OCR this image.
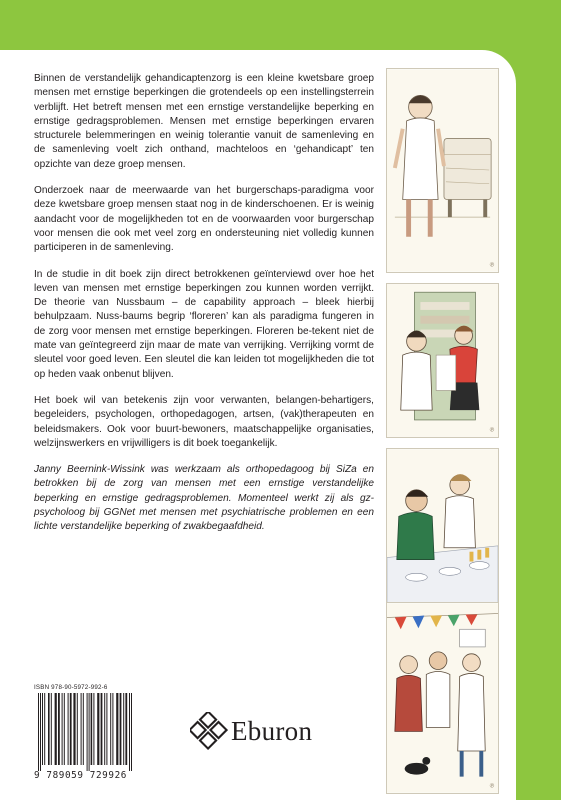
Binnen de verstandelijk gehandicaptenzorg is een kleine kwetsbare groep mensen met ernstige beperkingen die grotendeels op een instellingsterrein verblijft. Het betreft mensen met een ernstige verstandelijke beperking en ernstige gedragsproblemen. Mensen met ernstige beperkingen ervaren structurele belemmeringen en weinig tolerantie vanuit de samenleving en de samenleving voelt zich onthand, machteloos en ‘gehandicapt’ ten opzichte van deze groep mensen.

Onderzoek naar de meerwaarde van het burgerschaps-paradigma voor deze kwetsbare groep mensen staat nog in de kinderschoenen. Er is weinig aandacht voor de mogelijkheden tot en de voorwaarden voor burgerschap voor mensen die ook met veel zorg en ondersteuning niet volledig kunnen participeren in de samenleving.

In de studie in dit boek zijn direct betrokkenen geïnterviewd over hoe het leven van mensen met ernstige beperkingen zou kunnen worden verrijkt. De theorie van Nussbaum – de capability approach – bleek hierbij behulpzaam. Nuss-baums begrip ‘floreren’ kan als paradigma fungeren in de zorg voor mensen met ernstige beperkingen. Floreren be-tekent niet de mate van geïntegreerd zijn maar de mate van verrijking. Verrijking vormt de sleutel voor goed leven. Een sleutel die kan leiden tot mogelijkheden die tot op heden vaak onbenut blijven.

Het boek wil van betekenis zijn voor verwanten, belangen-behartigers, begeleiders, psychologen, orthopedagogen, artsen, (vak)therapeuten en beleidsmakers. Ook voor buurt-bewoners, maatschappelijke organisaties, welzijnswerkers en vrijwilligers is dit boek toegankelijk.

Janny Beernink-Wissink was werkzaam als orthopedagoog bij SiZa en betrokken bij de zorg van mensen met een ernstige verstandelijke beperking en ernstige gedragsproblemen. Momenteel werkt zij als gz-psycholoog bij GGNet met mensen met psychiatrische problemen en een lichte verstandelijke beperking of zwakbegaafdheid.

℗
℗
℗
ISBN 978-90-5972-992-6
9 789059 729926
Eburon
